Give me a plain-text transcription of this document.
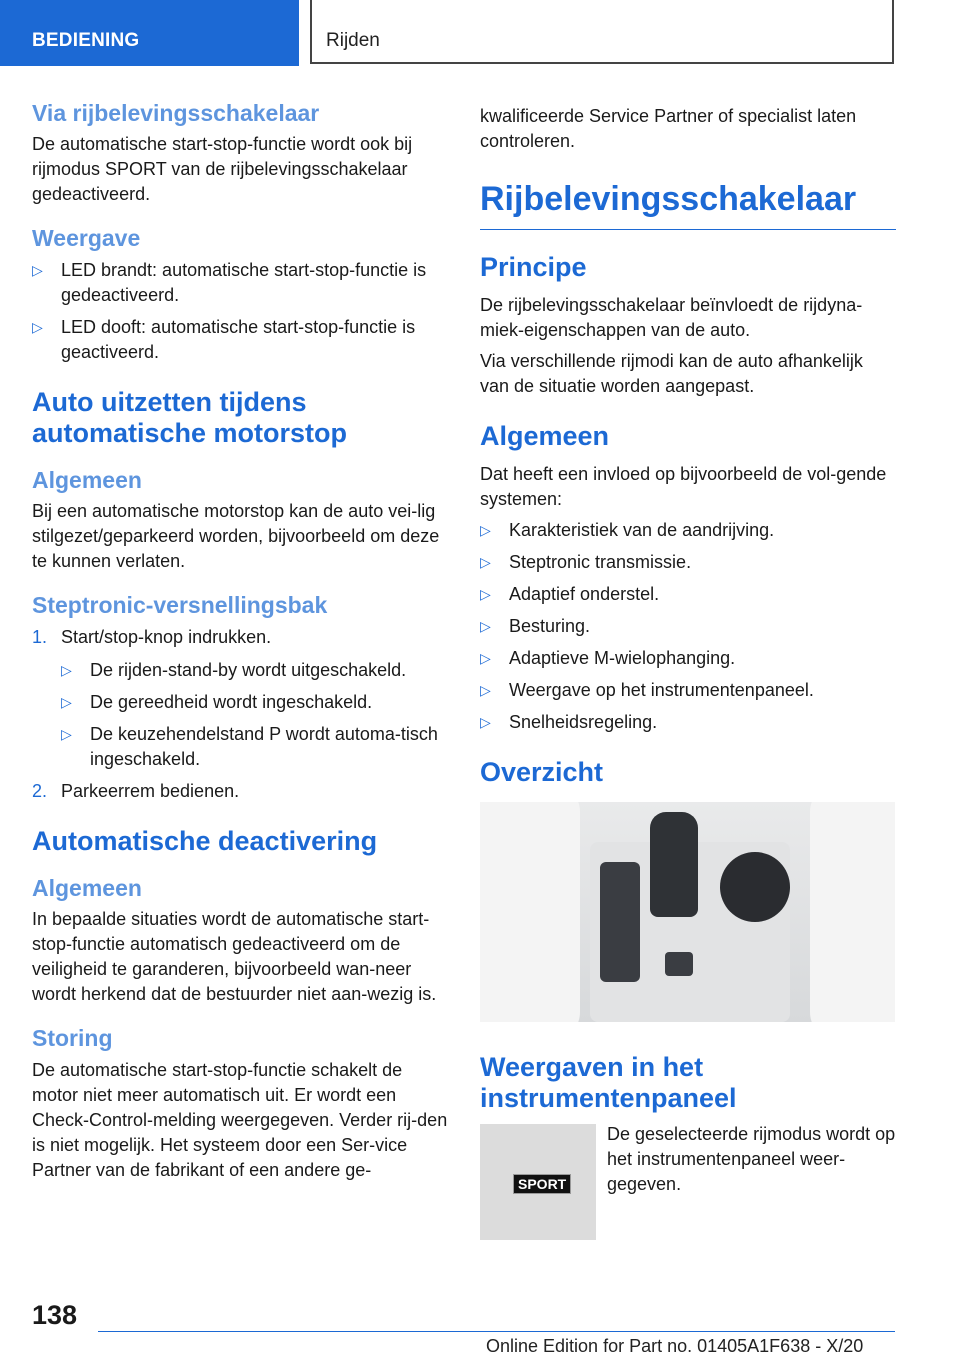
BEDIENING	Rijden
Via rijbelevingsschakelaar

De automatische start-stop-functie wordt ook bij rijmodus SPORT van de rijbelevingsschakelaar gedeactiveerd.

Weergave
▷ LED brandt: automatische start-stop-functie is gedeactiveerd.
▷ LED dooft: automatische start-stop-functie is geactiveerd.
Auto uitzetten tijdens automatische motorstop
Algemeen

Bij een automatische motorstop kan de auto vei-lig stilgezet/geparkeerd worden, bijvoorbeeld om deze te kunnen verlaten.

Steptronic-versnellingsbak
1. Start/stop-knop indrukken.
▷ De rijden-stand-by wordt uitgeschakeld.
▷ De gereedheid wordt ingeschakeld.
▷ De keuzehendelstand P wordt automa-tisch ingeschakeld.
2. Parkeerrem bedienen.
Automatische deactivering
Algemeen

In bepaalde situaties wordt de automatische start-stop-functie automatisch gedeactiveerd om de veiligheid te garanderen, bijvoorbeeld wan-neer wordt herkend dat de bestuurder niet aan-wezig is.

Storing

De automatische start-stop-functie schakelt de motor niet meer automatisch uit. Er wordt een Check-Control-melding weergegeven. Verder rij-den is niet mogelijk. Het systeem door een Ser-vice Partner van de fabrikant of een andere ge-

kwalificeerde Service Partner of specialist laten controleren.

Rijbelevingsschakelaar
Principe

De rijbelevingsschakelaar beïnvloedt de rijdyna-miek-eigenschappen van de auto.

Via verschillende rijmodi kan de auto afhankelijk van de situatie worden aangepast.

Algemeen

Dat heeft een invloed op bijvoorbeeld de vol-gende systemen:

▷ Karakteristiek van de aandrijving.
▷ Steptronic transmissie.
▷ Adaptief onderstel.
▷ Besturing.
▷ Adaptieve M-wielophanging.
▷ Weergave op het instrumentenpaneel.
▷ Snelheidsregeling.
Overzicht
Weergaven in het instrumentenpaneel
SPORT

De geselecteerde rijmodus wordt op het instrumentenpaneel weer-gegeven.

138
Online Edition for Part no. 01405A1F638 - X/20
